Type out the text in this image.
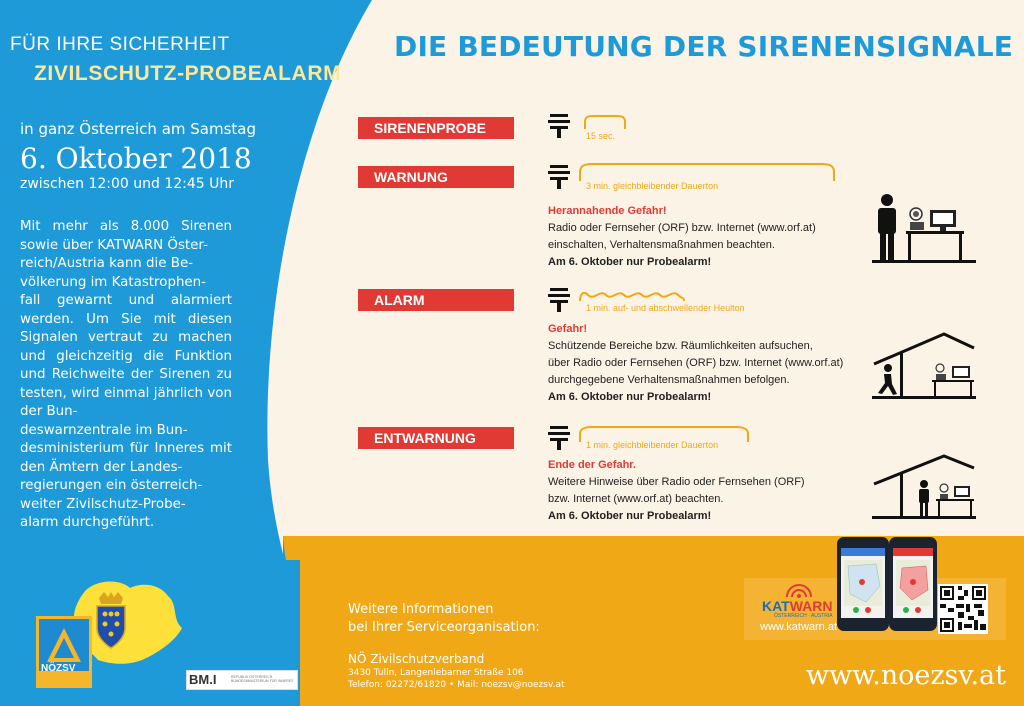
FÜR IHRE SICHERHEIT
ZIVILSCHUTZ-PROBEALARM
in ganz Österreich am Samstag
6. Oktober 2018
zwischen 12:00 und 12:45 Uhr
Mit mehr als 8.000 Sirenen sowie über KATWARN Öster-
reich/Austria kann die Be-
völkerung im Katastrophen-
fall gewarnt und alarmiert werden. Um Sie mit diesen Signalen vertraut zu machen und gleichzeitig die Funktion und Reichweite der Sirenen zu testen, wird einmal jährlich von der Bun-
deswarnzentrale im Bun-
desministerium für Inneres mit den Ämtern der Landes-
regierungen ein österreich-
weiter Zivilschutz-Probe-
alarm durchgeführt.
NÖZSV
BM.I	REPUBLIK ÖSTERREICH BUNDESMINISTERIUM FÜR INNERES
DIE BEDEUTUNG DER SIRENENSIGNALE
SIRENENPROBE	15 sec.
WARNUNG
3 min. gleichbleibender Dauerton
Herannahende Gefahr!
Radio oder Fernseher (ORF) bzw. Internet (www.orf.at)
einschalten, Verhaltensmaßnahmen beachten.
Am 6. Oktober nur Probealarm!
ALARM	1 min. auf- und abschwellender Heulton
Gefahr!
Schützende Bereiche bzw. Räumlichkeiten aufsuchen,
über Radio oder Fernsehen (ORF) bzw. Internet (www.orf.at)
durchgegebene Verhaltensmaßnahmen befolgen.
Am 6. Oktober nur Probealarm!
ENTWARNUNG	1 min. gleichbleibender Dauerton
Ende der Gefahr.
Weitere Hinweise über Radio oder Fernsehen (ORF)
bzw. Internet (www.orf.at) beachten.
Am 6. Oktober nur Probealarm!
Weitere Informationen
bei Ihrer Serviceorganisation:
NÖ Zivilschutzverband
3430 Tulln, Langenlebarner Straße 106
Telefon: 02272/61820 • Mail: noezsv@noezsv.at	www.noezsv.at
KATWARN
ÖSTERREICH · AUSTRIA
www.katwarn.at
